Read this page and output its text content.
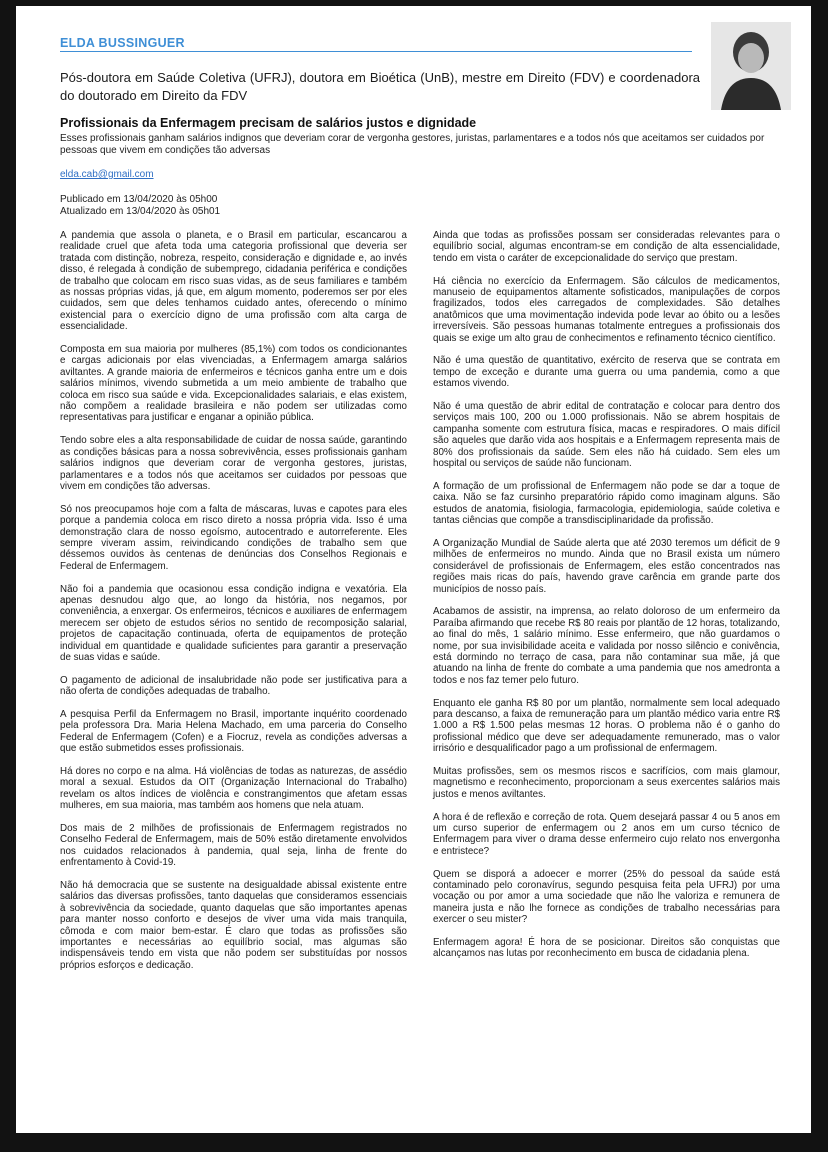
ELDA BUSSINGUER
Pós-doutora em Saúde Coletiva (UFRJ), doutora em Bioética (UnB), mestre em Direito (FDV) e coordenadora do doutorado em Direito da FDV
Profissionais da Enfermagem precisam de salários justos e dignidade
Esses profissionais ganham salários indignos que deveriam corar de vergonha gestores, juristas, parlamentares e a todos nós que aceitamos ser cuidados por pessoas que vivem em condições tão adversas
elda.cab@gmail.com
Publicado em 13/04/2020 às 05h00
Atualizado em 13/04/2020 às 05h01

A pandemia que assola o planeta, e o Brasil em particular, escancarou a realidade cruel que afeta toda uma categoria profissional que deveria ser tratada com distinção, nobreza, respeito, consideração e dignidade e, ao invés disso, é relegada à condição de subemprego, cidadania periférica e condições de trabalho que colocam em risco suas vidas, as de seus familiares e também as nossas próprias vidas, já que, em algum momento, poderemos ser por eles cuidados, sem que deles tenhamos cuidado antes, oferecendo o mínimo existencial para o exercício digno de uma profissão com alta carga de essencialidade.

Composta em sua maioria por mulheres (85,1%) com todos os condicionantes e cargas adicionais por elas vivenciadas, a Enfermagem amarga salários aviltantes. A grande maioria de enfermeiros e técnicos ganha entre um e dois salários mínimos, vivendo submetida a um meio ambiente de trabalho que coloca em risco sua saúde e vida. Excepcionalidades salariais, e elas existem, não compõem a realidade brasileira e não podem ser utilizadas como representativas para justificar e enganar a opinião pública.

Tendo sobre eles a alta responsabilidade de cuidar de nossa saúde, garantindo as condições básicas para a nossa sobrevivência, esses profissionais ganham salários indignos que deveriam corar de vergonha gestores, juristas, parlamentares e a todos nós que aceitamos ser cuidados por pessoas que vivem em condições tão adversas.

Só nos preocupamos hoje com a falta de máscaras, luvas e capotes para eles porque a pandemia coloca em risco direto a nossa própria vida. Isso é uma demonstração clara de nosso egoísmo, autocentrado e autorreferente. Eles sempre viveram assim, reivindicando condições de trabalho sem que déssemos ouvidos às centenas de denúncias dos Conselhos Regionais e Federal de Enfermagem.

Não foi a pandemia que ocasionou essa condição indigna e vexatória. Ela apenas desnudou algo que, ao longo da história, nos negamos, por conveniência, a enxergar. Os enfermeiros, técnicos e auxiliares de enfermagem merecem ser objeto de estudos sérios no sentido de recomposição salarial, projetos de capacitação continuada, oferta de equipamentos de proteção individual em quantidade e qualidade suficientes para garantir a preservação de suas vidas e saúde.

O pagamento de adicional de insalubridade não pode ser justificativa para a não oferta de condições adequadas de trabalho.

A pesquisa Perfil da Enfermagem no Brasil, importante inquérito coordenado pela professora Dra. Maria Helena Machado, em uma parceria do Conselho Federal de Enfermagem (Cofen) e a Fiocruz, revela as condições adversas a que estão submetidos esses profissionais.

Há dores no corpo e na alma. Há violências de todas as naturezas, de assédio moral a sexual. Estudos da OIT (Organização Internacional do Trabalho) revelam os altos índices de violência e constrangimentos que afetam essas mulheres, em sua maioria, mas também aos homens que nela atuam.

Dos mais de 2 milhões de profissionais de Enfermagem registrados no Conselho Federal de Enfermagem, mais de 50% estão diretamente envolvidos nos cuidados relacionados à pandemia, qual seja, linha de frente do enfrentamento à Covid-19.

Não há democracia que se sustente na desigualdade abissal existente entre salários das diversas profissões, tanto daquelas que consideramos essenciais à sobrevivência da sociedade, quanto daquelas que são importantes apenas para manter nosso conforto e desejos de viver uma vida mais tranquila, cômoda e com maior bem-estar. É claro que todas as profissões são importantes e necessárias ao equilíbrio social, mas algumas são indispensáveis tendo em vista que não podem ser substituídas por nossos próprios esforços e dedicação.

Ainda que todas as profissões possam ser consideradas relevantes para o equilíbrio social, algumas encontram-se em condição de alta essencialidade, tendo em vista o caráter de excepcionalidade do serviço que prestam.

Há ciência no exercício da Enfermagem. São cálculos de medicamentos, manuseio de equipamentos altamente sofisticados, manipulações de corpos fragilizados, todos eles carregados de complexidades. São detalhes anatômicos que uma movimentação indevida pode levar ao óbito ou a lesões irreversíveis. São pessoas humanas totalmente entregues a profissionais dos quais se exige um alto grau de conhecimentos e refinamento técnico científico.

Não é uma questão de quantitativo, exército de reserva que se contrata em tempo de exceção e durante uma guerra ou uma pandemia, como a que estamos vivendo.

Não é uma questão de abrir edital de contratação e colocar para dentro dos serviços mais 100, 200 ou 1.000 profissionais. Não se abrem hospitais de campanha somente com estrutura física, macas e respiradores. O mais difícil são aqueles que darão vida aos hospitais e a Enfermagem representa mais de 80% dos profissionais da saúde. Sem eles não há cuidado. Sem eles um hospital ou serviços de saúde não funcionam.

A formação de um profissional de Enfermagem não pode se dar a toque de caixa. Não se faz cursinho preparatório rápido como imaginam alguns. São estudos de anatomia, fisiologia, farmacologia, epidemiologia, saúde coletiva e tantas ciências que compõe a transdisciplinaridade da profissão.

A Organização Mundial de Saúde alerta que até 2030 teremos um déficit de 9 milhões de enfermeiros no mundo. Ainda que no Brasil exista um número considerável de profissionais de Enfermagem, eles estão concentrados nas regiões mais ricas do país, havendo grave carência em grande parte dos municípios de nosso país.

Acabamos de assistir, na imprensa, ao relato doloroso de um enfermeiro da Paraíba afirmando que recebe R$ 80 reais por plantão de 12 horas, totalizando, ao final do mês, 1 salário mínimo. Esse enfermeiro, que não guardamos o nome, por sua invisibilidade aceita e validada por nosso silêncio e conivência, está dormindo no terraço de casa, para não contaminar sua mãe, já que atuando na linha de frente do combate a uma pandemia que nos amedronta a todos e nos faz temer pelo futuro.

Enquanto ele ganha R$ 80 por um plantão, normalmente sem local adequado para descanso, a faixa de remuneração para um plantão médico varia entre R$ 1.000 a R$ 1.500 pelas mesmas 12 horas. O problema não é o ganho do profissional médico que deve ser adequadamente remunerado, mas o valor irrisório e desqualificador pago a um profissional de enfermagem.

Muitas profissões, sem os mesmos riscos e sacrifícios, com mais glamour, magnetismo e reconhecimento, proporcionam a seus exercentes salários mais justos e menos aviltantes.

A hora é de reflexão e correção de rota. Quem desejará passar 4 ou 5 anos em um curso superior de enfermagem ou 2 anos em um curso técnico de Enfermagem para viver o drama desse enfermeiro cujo relato nos envergonha e entristece?

Quem se disporá a adoecer e morrer (25% do pessoal da saúde está contaminado pelo coronavírus, segundo pesquisa feita pela UFRJ) por uma vocação ou por amor a uma sociedade que não lhe valoriza e remunera de maneira justa e não lhe fornece as condições de trabalho necessárias para exercer o seu mister?

Enfermagem agora! É hora de se posicionar. Direitos são conquistas que alcançamos nas lutas por reconhecimento em busca de cidadania plena.
